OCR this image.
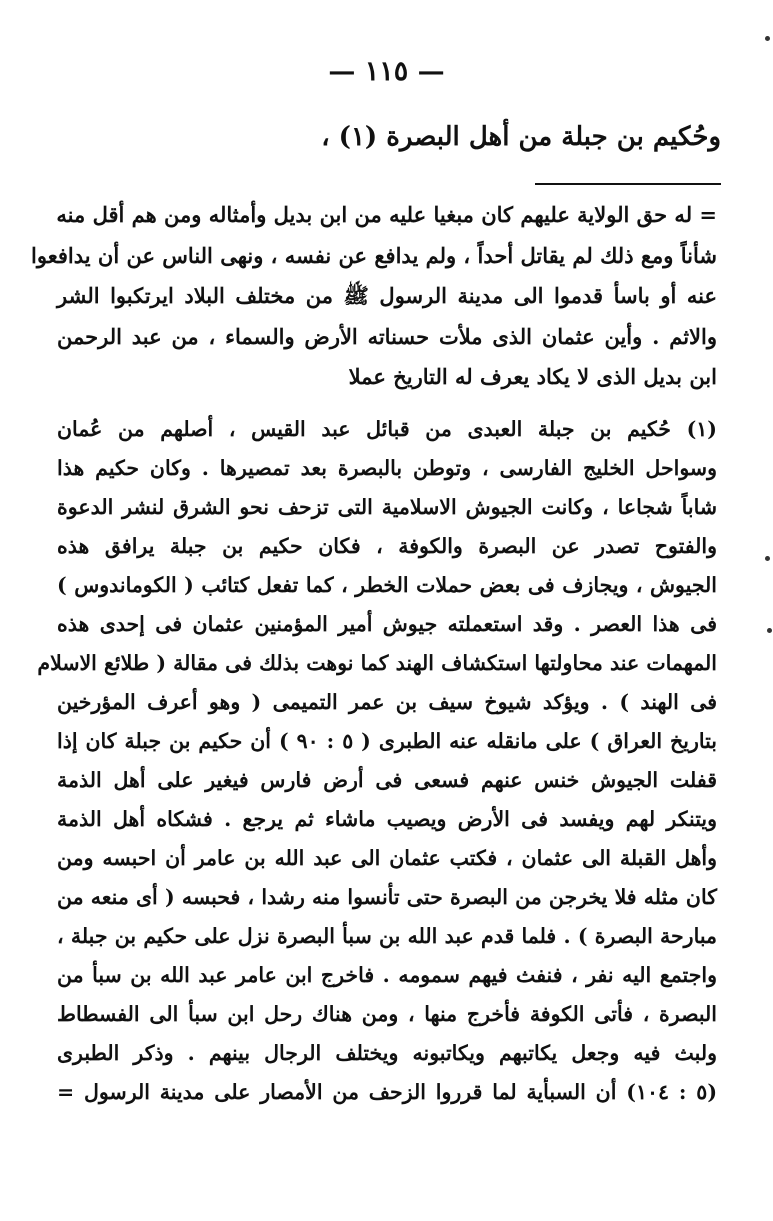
— ١١٥ —
وحُكيم بن جبلة من أهل البصرة (١) ،
= له حق الولاية عليهم كان مبغيا عليه من ابن بديل وأمثاله ومن هم أقل منه
شأناً ومع ذلك لم يقاتل أحداً ، ولم يدافع عن نفسه ، ونهى الناس عن أن يدافعوا
عنه أو باسأ قدموا الى مدينة الرسول ﷺ من مختلف البلاد ايرتكبوا الشر
والاثم . وأين عثمان الذى ملأت حسناته الأرض والسماء ، من عبد الرحمن
ابن بديل الذى لا يكاد يعرف له التاريخ عملا
(١) حُكيم بن جبلة العبدى من قبائل عبد القيس ، أصلهم من عُمان
وسواحل الخليج الفارسى ، وتوطن بالبصرة بعد تمصيرها . وكان حكيم هذا
شاباً شجاعا ، وكانت الجيوش الاسلامية التى تزحف نحو الشرق لنشر الدعوة
والفتوح تصدر عن البصرة والكوفة ، فكان حكيم بن جبلة يرافق هذه
الجيوش ، ويجازف فى بعض حملات الخطر ، كما تفعل كتائب ( الكوماندوس )
فى هذا العصر . وقد استعملته جيوش أمير المؤمنين عثمان فى إحدى هذه
المهمات عند محاولتها استكشاف الهند كما نوهت بذلك فى مقالة ( طلائع الاسلام
فى الهند ) . ويؤكد شيوخ سيف بن عمر التميمى ( وهو أعرف المؤرخين
بتاريخ العراق ) على مانقله عنه الطبرى ( ٥ : ٩٠ ) أن حكيم بن جبلة كان إذا
قفلت الجيوش خنس عنهم فسعى فى أرض فارس فيغير على أهل الذمة
ويتنكر لهم ويفسد فى الأرض ويصيب ماشاء ثم يرجع . فشكاه أهل الذمة
وأهل القبلة الى عثمان ، فكتب عثمان الى عبد الله بن عامر أن احبسه ومن
كان مثله فلا يخرجن من البصرة حتى تأنسوا منه رشدا ، فحبسه ( أى منعه من
مبارحة البصرة ) . فلما قدم عبد الله بن سبأ البصرة نزل على حكيم بن جبلة ،
واجتمع اليه نفر ، فنفث فيهم سمومه . فاخرج ابن عامر عبد الله بن سبأ من
البصرة ، فأتى الكوفة فأخرج منها ، ومن هناك رحل ابن سبأ الى الفسطاط
ولبث فيه وجعل يكاتبهم ويكاتبونه ويختلف الرجال بينهم . وذكر الطبرى
(٥ : ١٠٤) أن السبأية لما قرروا الزحف من الأمصار على مدينة الرسول =
